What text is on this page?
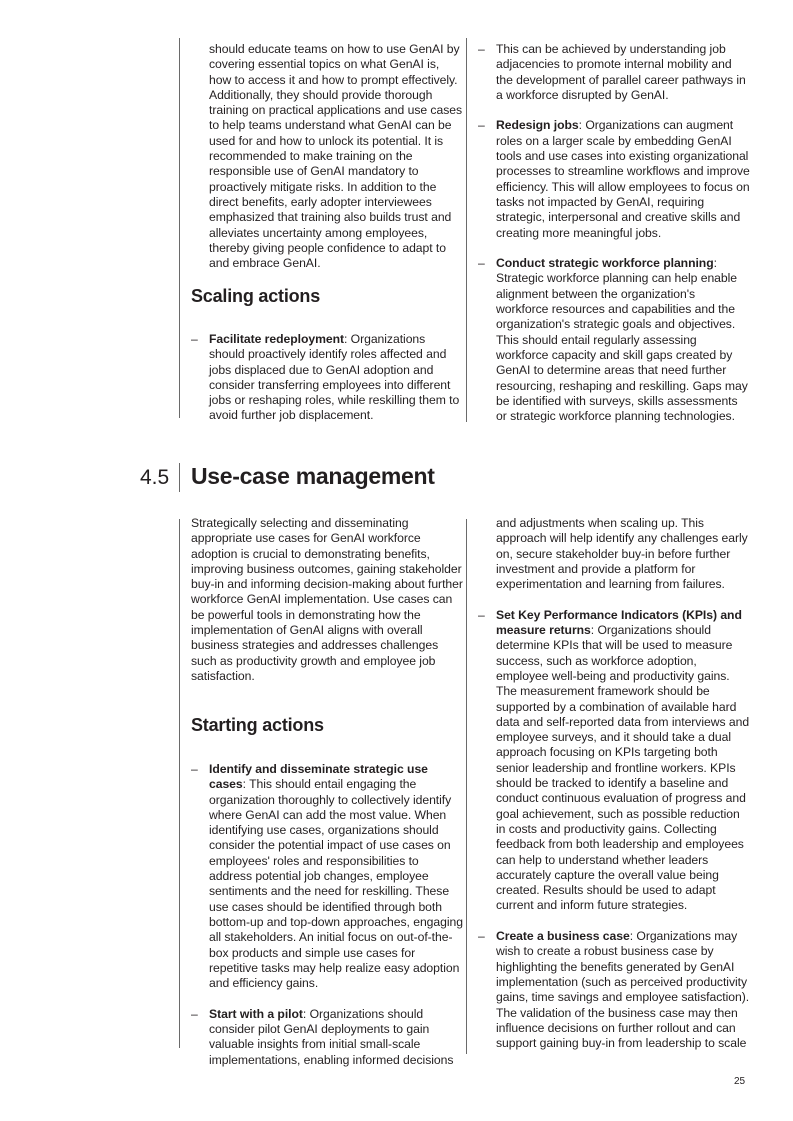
should educate teams on how to use GenAI by covering essential topics on what GenAI is, how to access it and how to prompt effectively. Additionally, they should provide thorough training on practical applications and use cases to help teams understand what GenAI can be used for and how to unlock its potential. It is recommended to make training on the responsible use of GenAI mandatory to proactively mitigate risks. In addition to the direct benefits, early adopter interviewees emphasized that training also builds trust and alleviates uncertainty among employees, thereby giving people confidence to adapt to and embrace GenAI.

Scaling actions
– Facilitate redeployment: Organizations should proactively identify roles affected and jobs displaced due to GenAI adoption and consider transferring employees into different jobs or reshaping roles, while reskilling them to avoid further job displacement.

– This can be achieved by understanding job adjacencies to promote internal mobility and the development of parallel career pathways in a workforce disrupted by GenAI.

– Redesign jobs: Organizations can augment roles on a larger scale by embedding GenAI tools and use cases into existing organizational processes to streamline workflows and improve efficiency. This will allow employees to focus on tasks not impacted by GenAI, requiring strategic, interpersonal and creative skills and creating more meaningful jobs.

– Conduct strategic workforce planning: Strategic workforce planning can help enable alignment between the organization's workforce resources and capabilities and the organization's strategic goals and objectives. This should entail regularly assessing workforce capacity and skill gaps created by GenAI to determine areas that need further resourcing, reshaping and reskilling. Gaps may be identified with surveys, skills assessments or strategic workforce planning technologies.

4.5 Use-case management

Strategically selecting and disseminating appropriate use cases for GenAI workforce adoption is crucial to demonstrating benefits, improving business outcomes, gaining stakeholder buy-in and informing decision-making about further workforce GenAI implementation. Use cases can be powerful tools in demonstrating how the implementation of GenAI aligns with overall business strategies and addresses challenges such as productivity growth and employee job satisfaction.

Starting actions
– Identify and disseminate strategic use cases: This should entail engaging the organization thoroughly to collectively identify where GenAI can add the most value. When identifying use cases, organizations should consider the potential impact of use cases on employees' roles and responsibilities to address potential job changes, employee sentiments and the need for reskilling. These use cases should be identified through both bottom-up and top-down approaches, engaging all stakeholders. An initial focus on out-of-the-box products and simple use cases for repetitive tasks may help realize easy adoption and efficiency gains.

– Start with a pilot: Organizations should consider pilot GenAI deployments to gain valuable insights from initial small-scale implementations, enabling informed decisions

and adjustments when scaling up. This approach will help identify any challenges early on, secure stakeholder buy-in before further investment and provide a platform for experimentation and learning from failures.

– Set Key Performance Indicators (KPIs) and measure returns: Organizations should determine KPIs that will be used to measure success, such as workforce adoption, employee well-being and productivity gains. The measurement framework should be supported by a combination of available hard data and self-reported data from interviews and employee surveys, and it should take a dual approach focusing on KPIs targeting both senior leadership and frontline workers. KPIs should be tracked to identify a baseline and conduct continuous evaluation of progress and goal achievement, such as possible reduction in costs and productivity gains. Collecting feedback from both leadership and employees can help to understand whether leaders accurately capture the overall value being created. Results should be used to adapt current and inform future strategies.

– Create a business case: Organizations may wish to create a robust business case by highlighting the benefits generated by GenAI implementation (such as perceived productivity gains, time savings and employee satisfaction). The validation of the business case may then influence decisions on further rollout and can support gaining buy-in from leadership to scale

25
